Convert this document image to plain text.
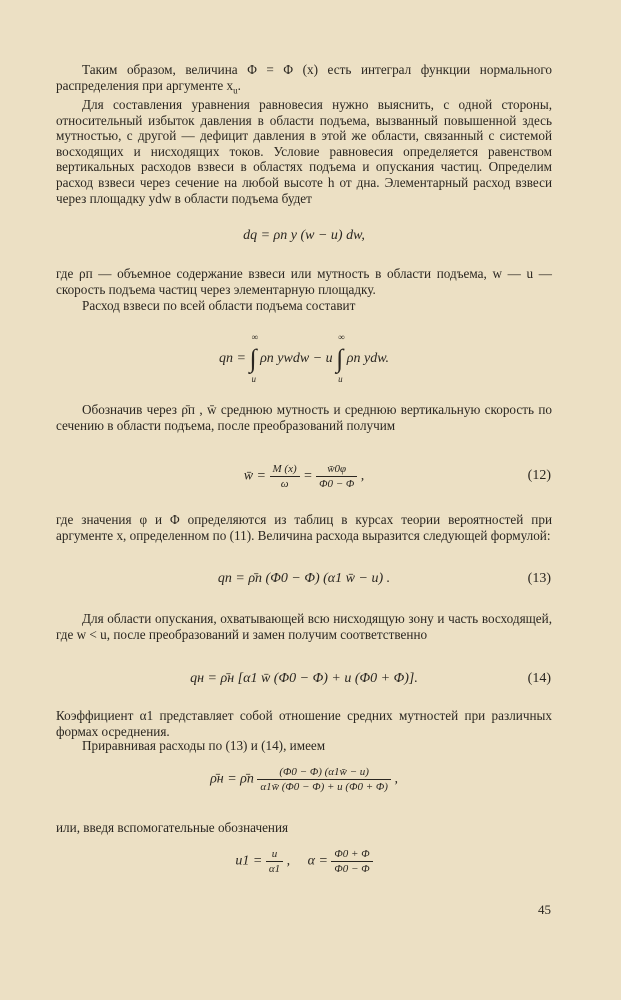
Таким образом, величина Φ = Φ (x) есть интеграл функции нормального распределения при аргументе $x_u$.

Для составления уравнения равновесия нужно выяснить, с одной стороны, относительный избыток давления в области подъема, вызванный повышенной здесь мутностью, с другой — дефицит давления в этой же области, связанный с системой восходящих и нисходящих токов. Условие равновесия определяется равенством вертикальных расходов взвеси в областях подъема и опускания частиц. Определим расход взвеси через сечение на любой высоте h от дна. Элементарный расход взвеси через площадку ydw в области подъема будет

dq = ρп y (w − u) dw,

где ρп — объемное содержание взвеси или мутность в области подъема, w — u — скорость подъема частиц через элементарную площадку.

Расход взвеси по всей области подъема составит

qп = ∫
∞
u
ρп ywdw − u ∫
∞
u
ρп ydw.

Обозначив через ρ̄п , w̄ среднюю мутность и среднюю вертикальную скорость по сечению в области подъема, после преобразований получим

w̄ = $\frac{M (x)}{\omega} = \frac{w̄0\varphi}{\Phi 0 - \Phi}$ ,	(12)

где значения φ и Φ определяются из таблиц в курсах теории вероятностей при аргументе x, определенном по (11). Величина расхода выразится следующей формулой:

qп = ρ̄п (Φ0 − Φ) (α1 w̄ − u) .	(13)

Для области опускания, охватывающей всю нисходящую зону и часть восходящей, где w < u, после преобразований и замен получим соответственно

qн = ρ̄н [α1 w̄ (Φ0 − Φ) + u (Φ0 + Φ)].	(14)

Коэффициент α1 представляет собой отношение средних мутностей при различных формах осреднения.

Приравнивая расходы по (13) и (14), имеем

ρ̄н = ρ̄п $\frac{(\Phi 0 - \Phi) (\alpha 1w̄ - u)}{\alpha 1w̄ (\Phi 0 - \Phi) + u (\Phi 0 + \Phi)}$ ,

или, введя вспомогательные обозначения

$u1 = \frac{u}{\alpha 1}$ ,     $\alpha = \frac{\Phi 0 + \Phi}{\Phi 0 - \Phi}$
45
